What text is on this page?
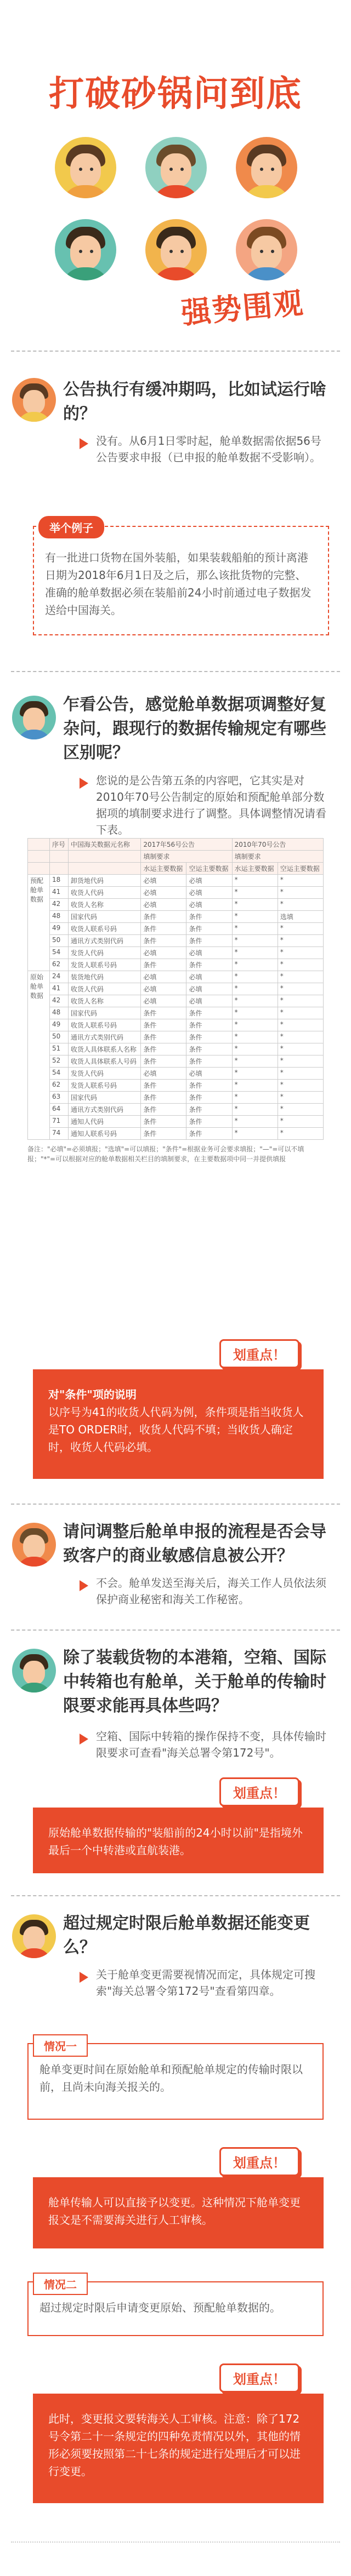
打破砂锅问到底
强势围观
公告执行有缓冲期吗，比如试运行啥的？
没有。从6月1日零时起，舱单数据需依据56号公告要求申报（已申报的舱单数据不受影响）。
有一批进口货物在国外装船，如果装载船舶的预计离港日期为2018年6月1日及之后，那么该批货物的完整、准确的舱单数据必须在装船前24小时前通过电子数据发送给中国海关。
举个例子
乍看公告，感觉舱单数据项调整好复杂问，跟现行的数据传输规定有哪些区别呢？
您说的是公告第五条的内容吧，它其实是对2010年70号公告制定的原始和预配舱单部分数据项的填制要求进行了调整。具体调整情况请看下表。
	序号	中国海关数据元名称	2017年56号公告		2010年70号公告	
			填制要求		填制要求	
			水运主要数据	空运主要数据	水运主要数据	空运主要数据
预配舱单数据	18	卸货地代码	必填	必填	*	*
	41	收货人代码	必填	必填	*	*
	42	收货人名称	必填	必填	*	*
	48	国家代码	条件	条件	*	选填
	49	收货人联系号码	条件	条件	*	*
	50	通讯方式类别代码	条件	条件	*	*
	54	发货人代码	必填	必填	*	*
	62	发货人联系号码	条件	条件	*	*
原始舱单数据	24	装货地代码	必填	必填	*	*
	41	收货人代码	必填	必填	*	*
	42	收货人名称	必填	必填	*	*
	48	国家代码	条件	条件	*	*
	49	收货人联系号码	条件	条件	*	*
	50	通讯方式类别代码	条件	条件	*	*
	51	收货人具体联系人名称	条件	条件	*	*
	52	收货人具体联系人号码	条件	条件	*	*
	54	发货人代码	必填	必填	*	*
	62	发货人联系号码	条件	条件	*	*
	63	国家代码	条件	条件	*	*
	64	通讯方式类别代码	条件	条件	*	*
	71	通知人代码	条件	条件	*	*
	74	通知人联系号码	条件	条件	*	*
备注："必填"=必须填报；"选填"=可以填报；"条件"=根据业务可会要求填报；"—"=可以不填报；"*"=可以根据对应的舱单数据相关栏目的填制要求，在主要数据项中同一并提供填报
划重点！
对"条件"项的说明
以序号为41的收货人代码为例，条件项是指当收货人是TO ORDER时，收货人代码不填；当收货人确定时，收货人代码必填。
请问调整后舱单申报的流程是否会导致客户的商业敏感信息被公开？
不会。舱单发送至海关后，海关工作人员依法须保护商业秘密和海关工作秘密。
除了装载货物的本港箱，空箱、国际中转箱也有舱单，关于舱单的传输时限要求能再具体些吗？
空箱、国际中转箱的操作保持不变，具体传输时限要求可查看"海关总署令第172号"。
划重点！
原始舱单数据传输的"装船前的24小时以前"是指境外最后一个中转港或直航装港。
超过规定时限后舱单数据还能变更么？
关于舱单变更需要视情况而定，具体规定可搜索"海关总署令第172号"查看第四章。
舱单变更时间在原始舱单和预配舱单规定的传输时限以前，且尚未向海关报关的。
情况一
划重点！
舱单传输人可以直接予以变更。这种情况下舱单变更报文是不需要海关进行人工审核。
超过规定时限后申请变更原始、预配舱单数据的。
情况二
划重点！
此时，变更报文要转海关人工审核。注意：除了172号令第二十一条规定的四种免责情况以外，其他的情形必须要按照第二十七条的规定进行处理后才可以进行变更。
